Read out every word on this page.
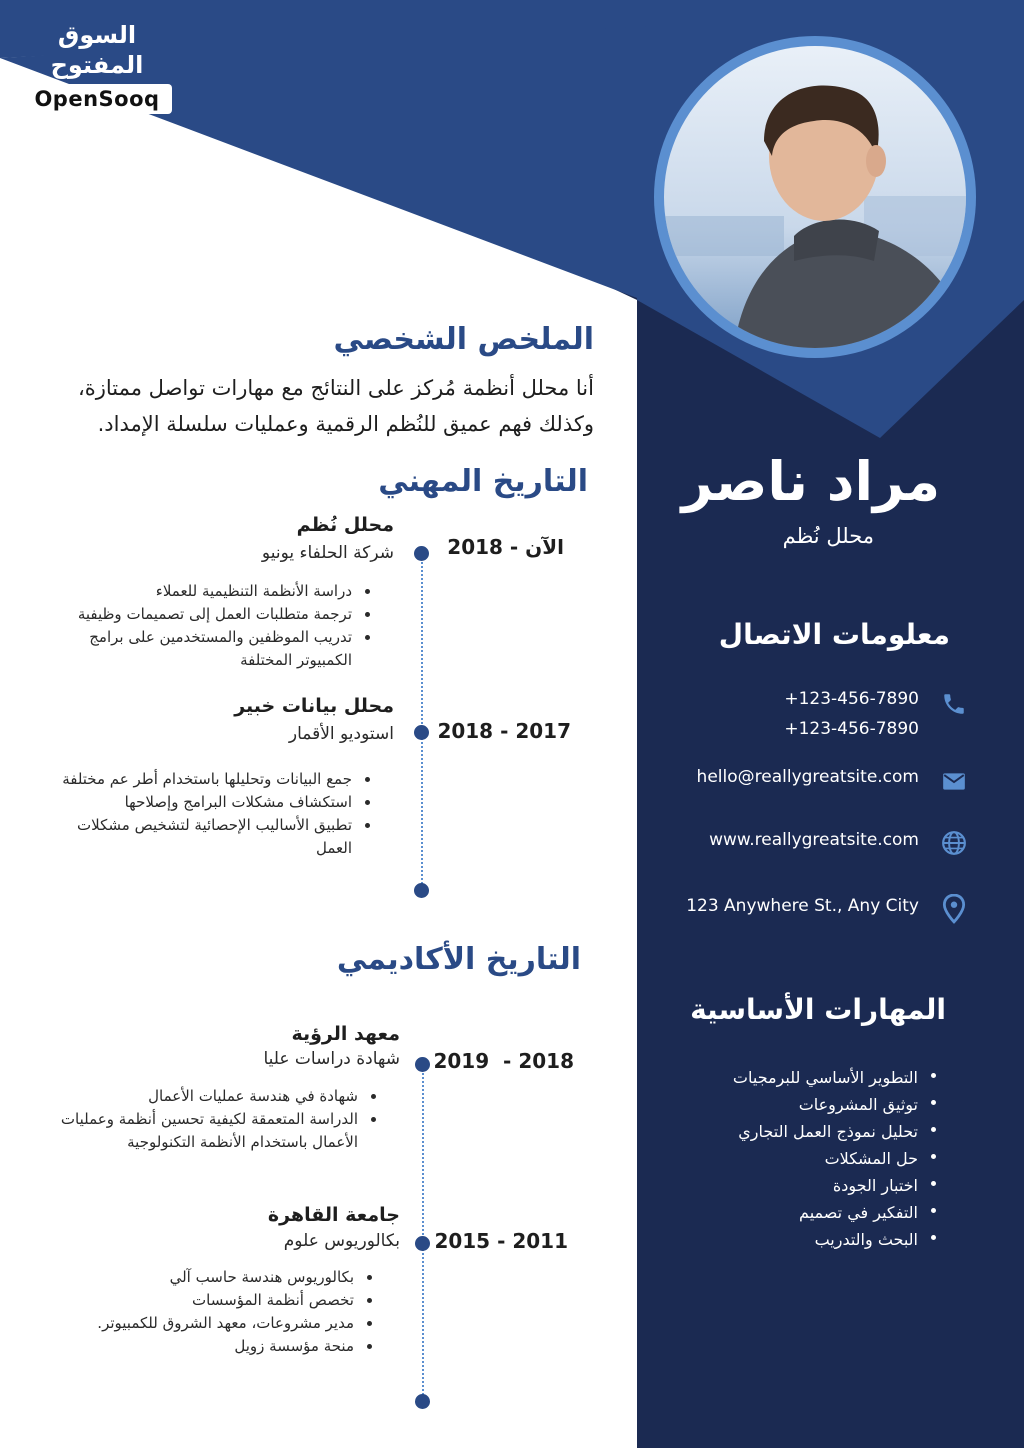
السوق المفتوح
OpenSooq
الملخص الشخصي
أنا محلل أنظمة مُركز على النتائج مع مهارات تواصل ممتازة، وكذلك فهم عميق للنُظم الرقمية وعمليات سلسلة الإمداد.
التاريخ المهني
محلل نُظم
شركة الحلفاء يونيو	الآن - 2018
دراسة الأنظمة التنظيمية للعملاء
ترجمة متطلبات العمل إلى تصميمات وظيفية
تدريب الموظفين والمستخدمين على برامج الكمبيوتر المختلفة
محلل بيانات خبير
استوديو الأقمار 2018 - 2017
جمع البيانات وتحليلها باستخدام أطر عم مختلفة
استكشاف مشكلات البرامج وإصلاحها
تطبيق الأساليب الإحصائية لتشخيص مشكلات العمل
التاريخ الأكاديمي
معهد الرؤية
شهادة دراسات عليا 2019  - 2018
شهادة في هندسة عمليات الأعمال
الدراسة المتعمقة لكيفية تحسين أنظمة وعمليات الأعمال باستخدام الأنظمة التكنولوجية
جامعة القاهرة
بكالوريوس علوم 2015 - 2011
بكالوريوس هندسة حاسب آلي
تخصص أنظمة المؤسسات
مدير مشروعات، معهد الشروق للكمبيوتر.
منحة مؤسسة زويل
مراد ناصر
محلل نُظم
معلومات الاتصال
+123-456-7890
+123-456-7890
hello@reallygreatsite.com
www.reallygreatsite.com
123 Anywhere St., Any City
المهارات الأساسية
التطوير الأساسي للبرمجيات
توثيق المشروعات
تحليل نموذج العمل التجاري
حل المشكلات
اختبار الجودة
التفكير في تصميم
البحث والتدريب
